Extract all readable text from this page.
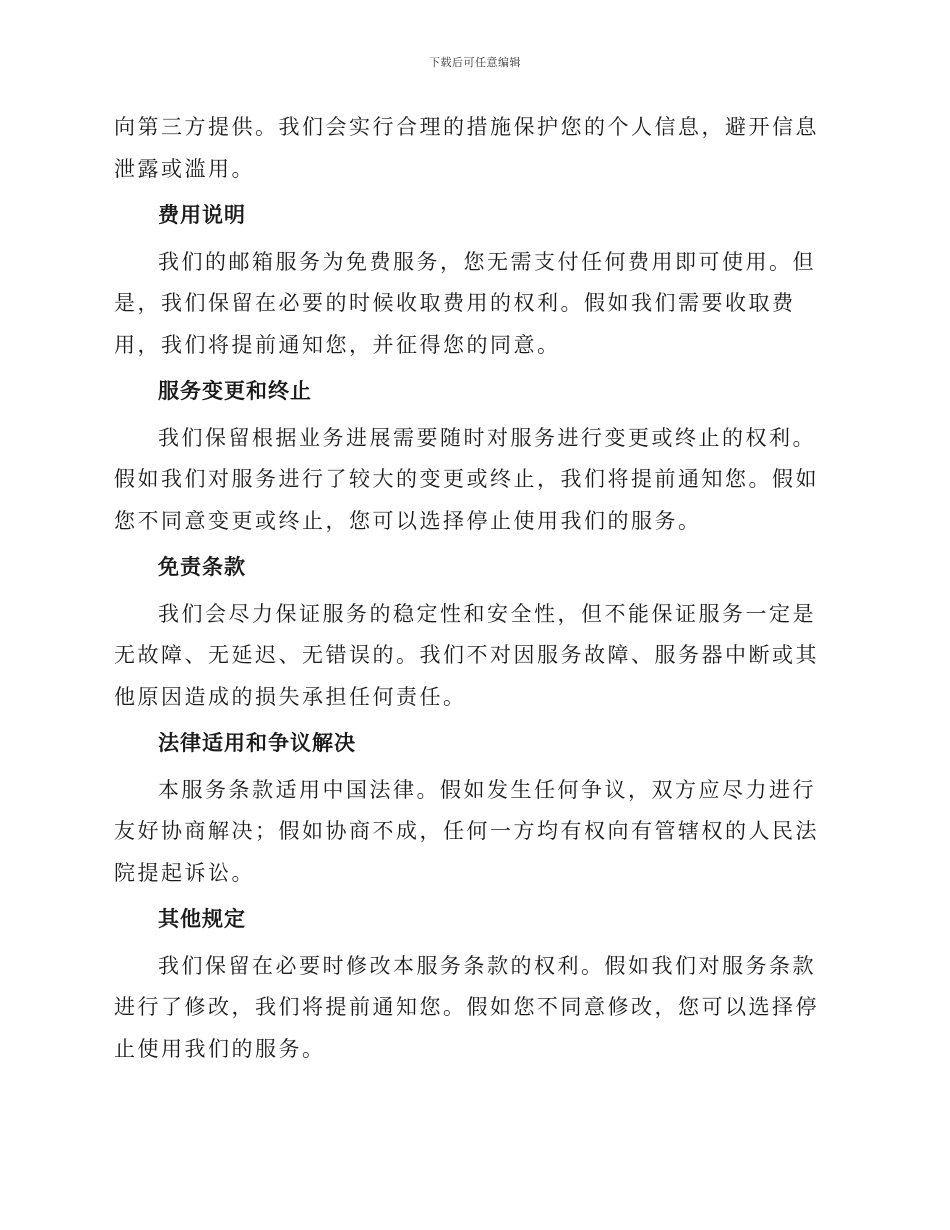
下载后可任意编辑

向第三方提供。我们会实行合理的措施保护您的个人信息，避开信息泄露或滥用。

费用说明

我们的邮箱服务为免费服务，您无需支付任何费用即可使用。但是，我们保留在必要的时候收取费用的权利。假如我们需要收取费用，我们将提前通知您，并征得您的同意。

服务变更和终止

我们保留根据业务进展需要随时对服务进行变更或终止的权利。假如我们对服务进行了较大的变更或终止，我们将提前通知您。假如您不同意变更或终止，您可以选择停止使用我们的服务。

免责条款

我们会尽力保证服务的稳定性和安全性，但不能保证服务一定是无故障、无延迟、无错误的。我们不对因服务故障、服务器中断或其他原因造成的损失承担任何责任。

法律适用和争议解决

本服务条款适用中国法律。假如发生任何争议，双方应尽力进行友好协商解决；假如协商不成，任何一方均有权向有管辖权的人民法院提起诉讼。

其他规定

我们保留在必要时修改本服务条款的权利。假如我们对服务条款进行了修改，我们将提前通知您。假如您不同意修改，您可以选择停止使用我们的服务。
